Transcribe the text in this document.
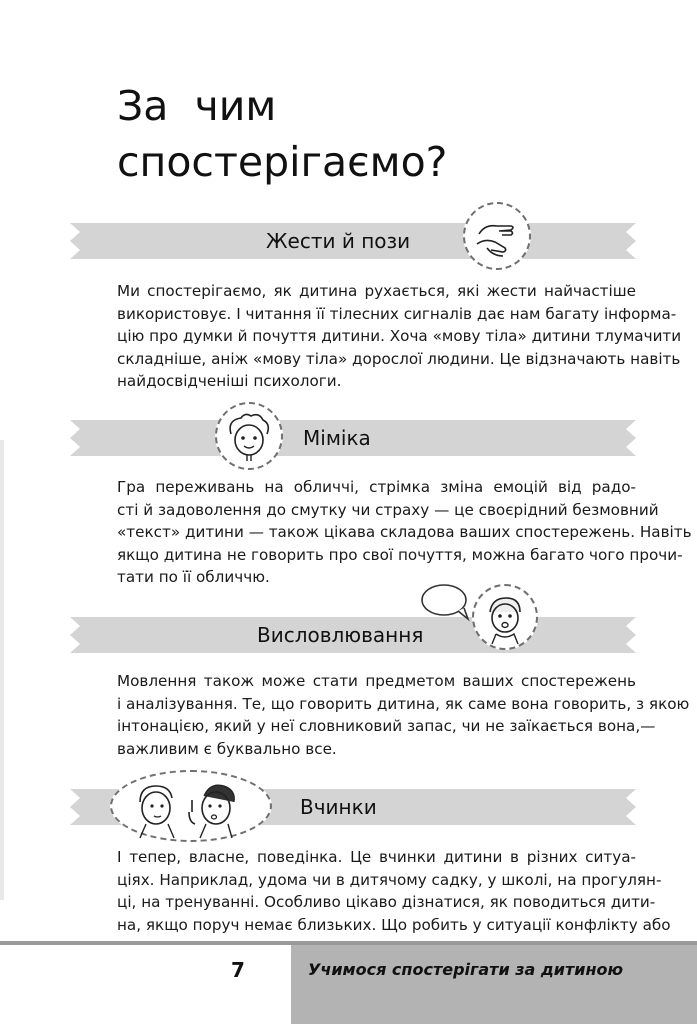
За  чим
спостерігаємо?
Жести й пози

Ми спостерігаємо, як дитина рухається, які жести найчастіше
використовує. І читання її тілесних сигналів дає нам багату інформа-
цію про думки й почуття дитини. Хоча «мову тіла» дитини тлумачити
складніше, аніж «мову тіла» дорослої людини. Це відзначають навіть
найдосвідченіші психологи.

Міміка

Гра переживань на обличчі, стрімка зміна емоцій від радо-
сті й задоволення до смутку чи страху — це своєрідний безмовний
«текст» дитини — також цікава складова ваших спостережень. Навіть
якщо дитина не говорить про свої почуття, можна багато чого прочи-
тати по її обличчю.

Висловлювання

Мовлення також може стати предметом ваших спостережень
і аналізування. Те, що говорить дитина, як саме вона говорить, з якою
інтонацією, який у неї словниковий запас, чи не заїкається вона,—
важливим є буквально все.

Вчинки

І тепер, власне, поведінка. Це вчинки дитини в різних ситуа-
ціях. Наприклад, удома чи в дитячому садку, у школі, на прогулян-
ці, на тренуванні. Особливо цікаво дізнатися, як поводиться дити-
на, якщо поруч немає близьких. Що робить у ситуації конфлікту або

7	Учимося спостерігати за дитиною
